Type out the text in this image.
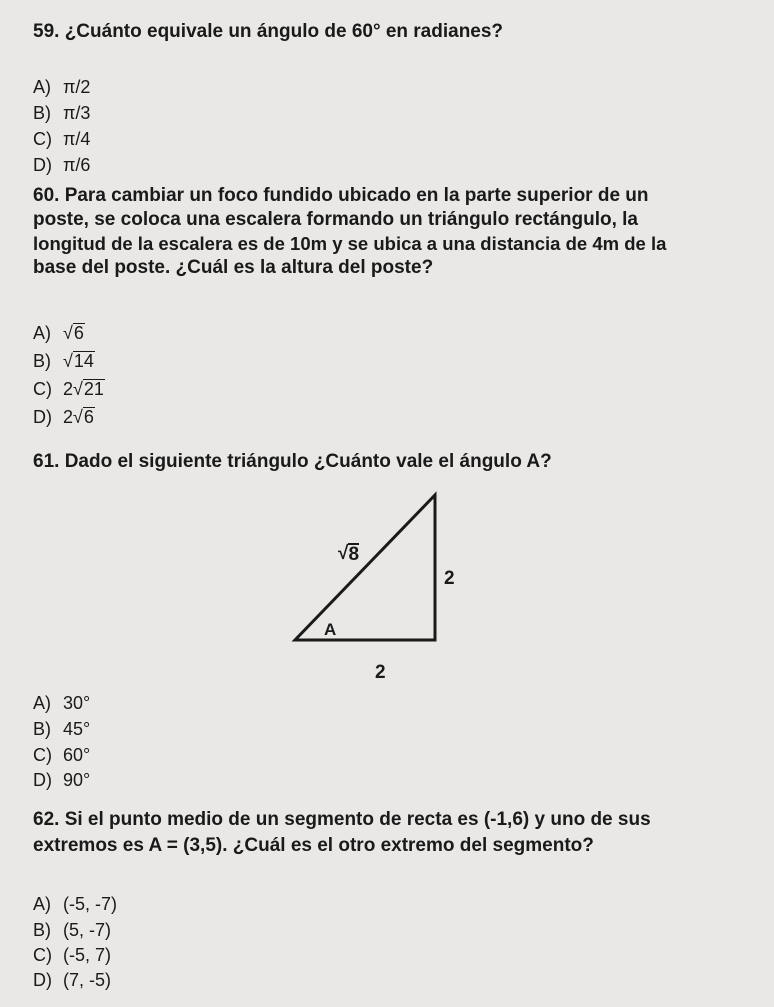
59. ¿Cuánto equivale un ángulo de 60° en radianes?

A) π/2
B) π/3
C) π/4
D) π/6

60. Para cambiar un foco fundido ubicado en la parte superior de un

poste, se coloca una escalera formando un triángulo rectángulo, la

longitud de la escalera es de 10m y se ubica a una distancia de 4m de la

base del poste. ¿Cuál es la altura del poste?

A) √ 6
B) √ 14
C) 2 √ 21
D) 2 √ 6

61. Dado el siguiente triángulo ¿Cuánto vale el ángulo A?

√ 8
2
2
A
A) 30°
B) 45°
C) 60°
D) 90°

62. Si el punto medio de un segmento de recta es (-1,6) y uno de sus

extremos es A = (3,5). ¿Cuál es el otro extremo del segmento?

A) (-5, -7)
B) (5, -7)
C) (-5, 7)
D) (7, -5)
